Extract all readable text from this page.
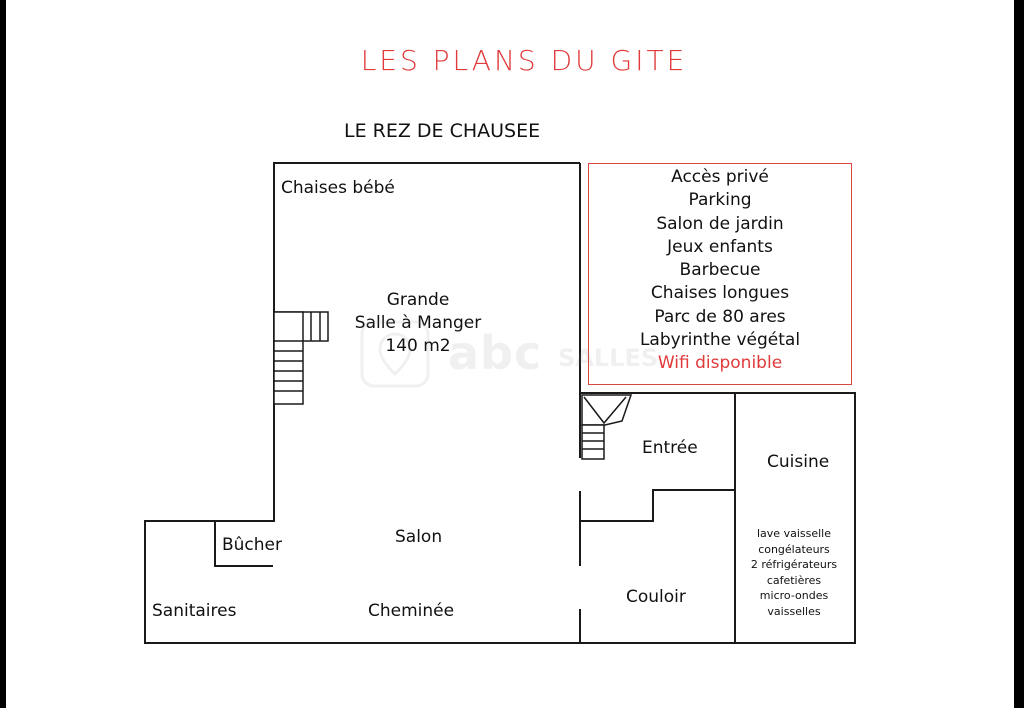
LES PLANS DU GITE
LE REZ DE CHAUSEE
Chaises bébé
Grande
Salle à Manger
140 m2
Entrée
Cuisine
Bûcher	Salon
Sanitaires	Cheminée
Couloir
Accès privé
Parking
Salon de jardin
Jeux enfants
Barbecue
Chaises longues
Parc de 80 ares
Labyrinthe végétal
Wifi disponible
lave vaisselle
congélateurs
2 réfrigérateurs
cafetières
micro-ondes
vaisselles
abc SALLES
